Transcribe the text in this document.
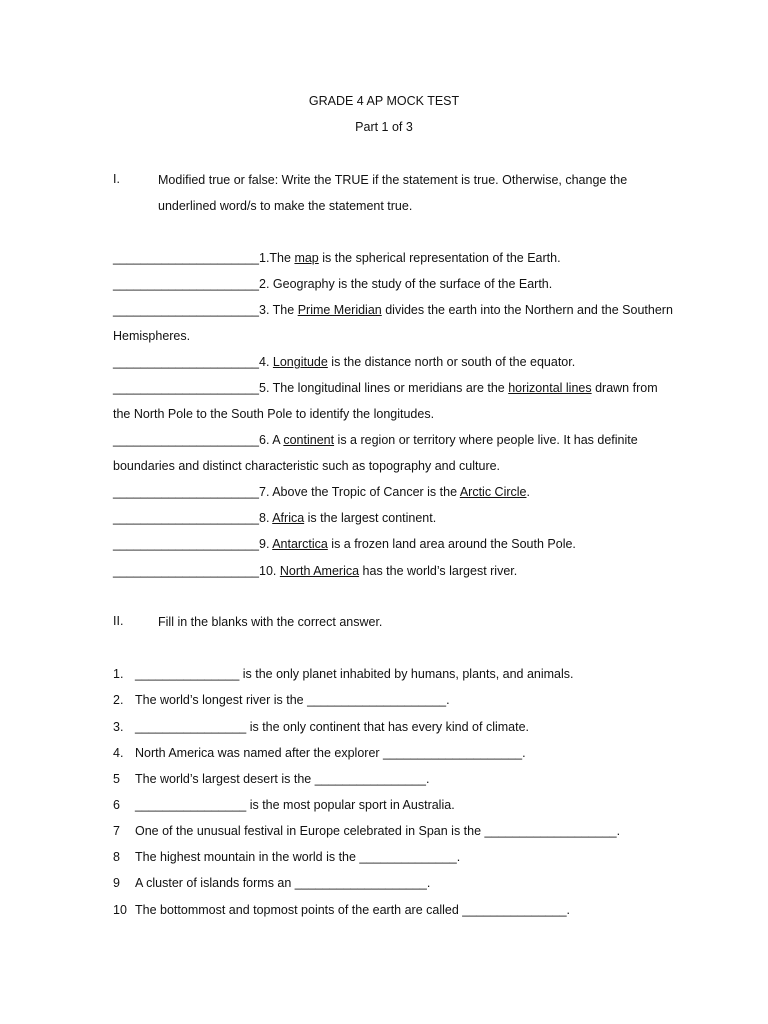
GRADE 4 AP MOCK TEST
Part 1 of 3
I.	Modified true or false: Write the TRUE if the statement is true. Otherwise, change the
underlined word/s to make the statement true.
_____________________1.The map is the spherical representation of the Earth.
_____________________2. Geography is the study of the surface of the Earth.
_____________________3. The Prime Meridian divides the earth into the Northern and the Southern
Hemispheres.
_____________________4. Longitude is the distance north or south of the equator.
_____________________5. The longitudinal lines or meridians are the horizontal lines drawn from
the North Pole to the South Pole to identify the longitudes.
_____________________6. A continent is a region or territory where people live. It has definite
boundaries and distinct characteristic such as topography and culture.
_____________________7. Above the Tropic of Cancer is the Arctic Circle.
_____________________8. Africa is the largest continent.
_____________________9. Antarctica is a frozen land area around the South Pole.
_____________________10. North America has the world’s largest river.
II.	Fill in the blanks with the correct answer.
1. _______________ is the only planet inhabited by humans, plants, and animals.
2. The world’s longest river is the ____________________.
3. ________________ is the only continent that has every kind of climate.
4. North America was named after the explorer ____________________.
5	The world’s largest desert is the ________________.
6	________________ is the most popular sport in Australia.
7	One of the unusual festival in Europe celebrated in Span is the ___________________.
8	The highest mountain in the world is the ______________.
9	A cluster of islands forms an ___________________.
10 The bottommost and topmost points of the earth are called _______________.
